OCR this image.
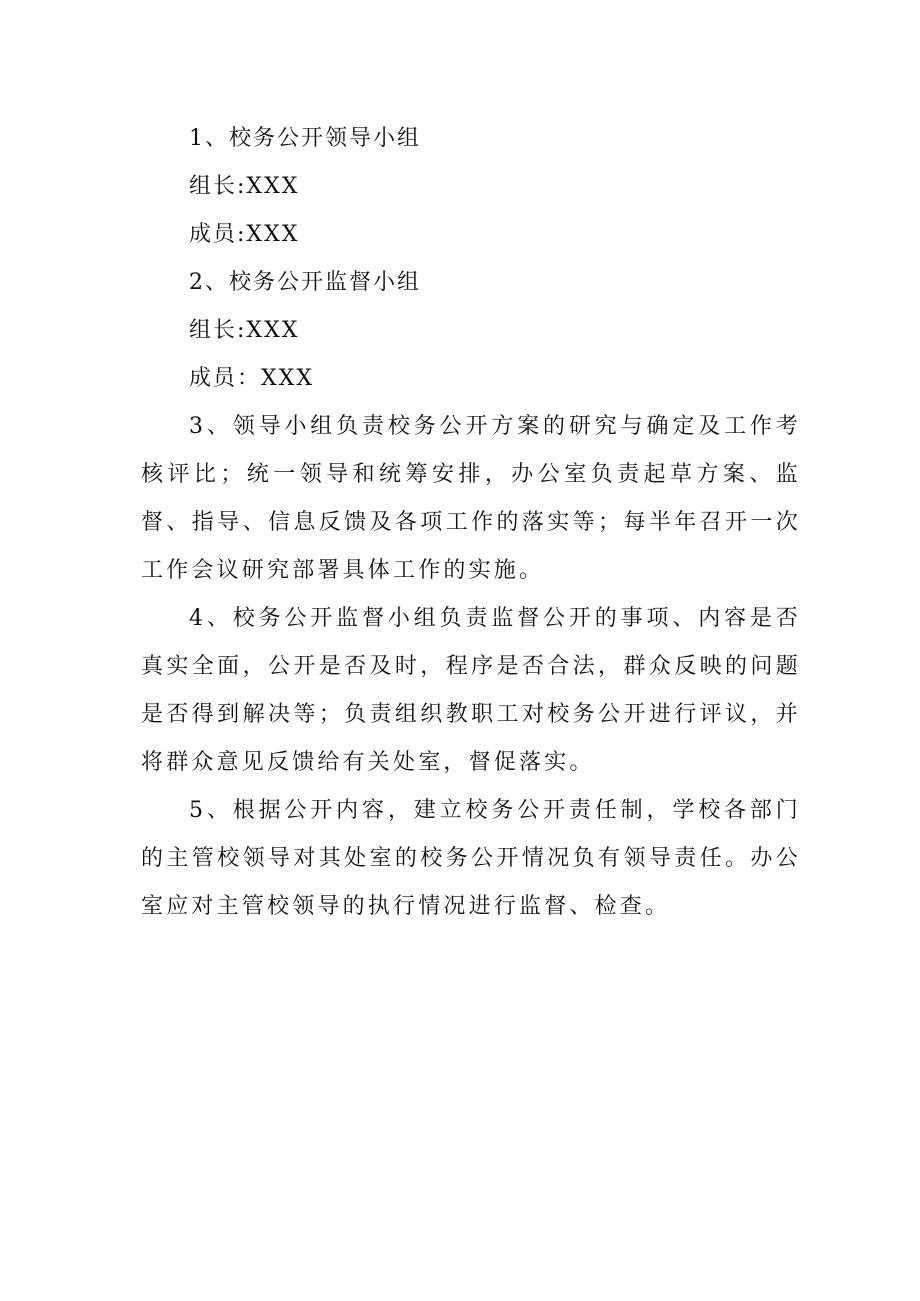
1、校务公开领导小组
组长:XXX
成员:XXX
2、校务公开监督小组
组长:XXX
成员：XXX

3、领导小组负责校务公开方案的研究与确定及工作考核评比；统一领导和统筹安排，办公室负责起草方案、监督、指导、信息反馈及各项工作的落实等；每半年召开一次工作会议研究部署具体工作的实施。

4、校务公开监督小组负责监督公开的事项、内容是否真实全面，公开是否及时，程序是否合法，群众反映的问题是否得到解决等；负责组织教职工对校务公开进行评议，并将群众意见反馈给有关处室，督促落实。

5、根据公开内容，建立校务公开责任制，学校各部门的主管校领导对其处室的校务公开情况负有领导责任。办公室应对主管校领导的执行情况进行监督、检查。
